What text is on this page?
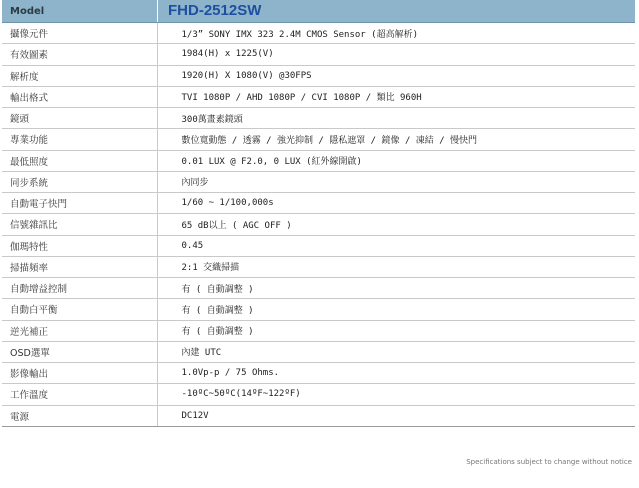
Model	FHD-2512SW

攝像元件	1/3” SONY IMX 323 2.4M CMOS Sensor (超高解析)
有效圖素	1984(H) x 1225(V)
解析度	1920(H) X 1080(V) @30FPS
輸出格式	TVI 1080P / AHD 1080P / CVI 1080P / 類比 960H
鏡頭	300萬畫素鏡頭
專業功能	數位寬動態 / 透霧 / 強光抑制 / 隱私遮罩 / 鏡像 / 凍結 / 慢快門
最低照度	0.01 LUX @ F2.0, 0 LUX (紅外線開啟)
同步系統	內同步
自動電子快門	1/60 ~ 1/100,000s
信號雜訊比	65 dB以上 ( AGC OFF )
伽瑪特性	0.45
掃描頻率	2:1 交織掃描
自動增益控制	有 ( 自動調整 )
自動白平衡	有 ( 自動調整 )
逆光補正	有 ( 自動調整 )
OSD選單	內建 UTC
影像輸出	1.0Vp-p / 75 Ohms.
工作溫度	-10ºC~50ºC(14ºF~122ºF)
電源	DC12V
Specifications subject to change without notice
